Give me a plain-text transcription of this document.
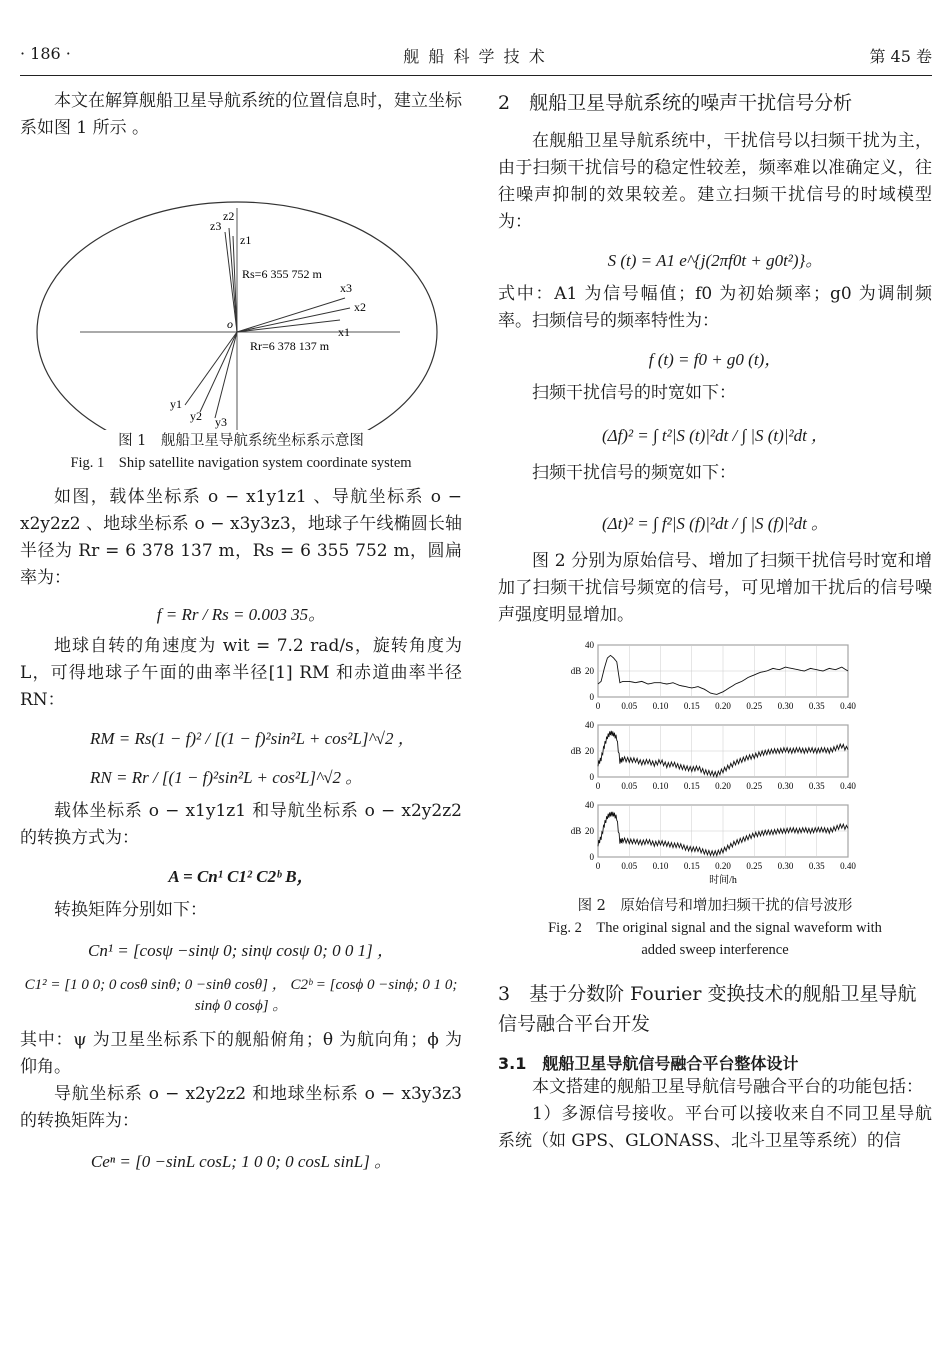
· 186 ·	舰 船 科 学 技 术	第 45 卷

本文在解算舰船卫星导航系统的位置信息时，建立坐标系如图 1 所示 。

z3
z2
z1
Rs=6 355 752 m
o
x3
x2
x1
Rr=6 378 137 m
y1
y2 y3
图 1　舰船卫星导航系统坐标系示意图
Fig. 1　Ship satellite navigation system coordinate system

如图，载体坐标系 o − x1y1z1 、导航坐标系 o − x2y2z2 、地球坐标系 o − x3y3z3，地球子午线椭圆长轴半径为 Rr = 6 378 137 m，Rs = 6 355 752 m，圆扁率为：

f = Rr / Rs = 0.003 35。

地球自转的角速度为 wit = 7.2 rad/s，旋转角度为 L，可得地球子午面的曲率半径[1] RM 和赤道曲率半径 RN：

RM = Rs(1 − f)² / [(1 − f)²sin²L + cos²L]^√2 ，
RN = Rr / [(1 − f)²sin²L + cos²L]^√2 。

载体坐标系 o − x1y1z1 和导航坐标系 o − x2y2z2 的转换方式为：

A = Cn¹ C1² C2ᵇ B，

转换矩阵分别如下：

Cn¹ = [cosψ −sinψ 0; sinψ cosψ 0; 0 0 1] ，
C1² = [1 0 0; 0 cosθ sinθ; 0 −sinθ cosθ] ， C2ᵇ = [cosϕ 0 −sinϕ; 0 1 0; sinϕ 0 cosϕ] 。

其中：ψ 为卫星坐标系下的舰船俯角；θ 为航向角；ϕ 为仰角。

导航坐标系 o − x2y2z2 和地球坐标系 o − x3y3z3 的转换矩阵为：

Ceⁿ = [0 −sinL cosL; 1 0 0; 0 cosL sinL] 。

2　舰船卫星导航系统的噪声干扰信号分析

在舰船卫星导航系统中，干扰信号以扫频干扰为主，由于扫频干扰信号的稳定性较差，频率难以准确定义，往往噪声抑制的效果较差。建立扫频干扰信号的时域模型为：

S (t) = A1 e^{j(2πf0t + g0t²)}。

式中：A1 为信号幅值；f0 为初始频率；g0 为调制频率。扫频信号的频率特性为：

f (t) = f0 + g0 (t)，

扫频干扰信号的时宽如下：

(Δf)² = ∫ t²|S (t)|²dt / ∫ |S (t)|²dt ，

扫频干扰信号的频宽如下：

(Δt)² = ∫ f²|S (f)|²dt / ∫ |S (f)|²dt 。

图 2 分别为原始信号、增加了扫频干扰信号时宽和增加了扫频干扰信号频宽的信号，可见增加干扰后的信号噪声强度明显增加。

0 0.05 0.10 0.15 0.20 0.25 0.30 0.35 0.40
0
20
40
dB
0 0.05 0.10 0.15 0.20 0.25 0.30 0.35 0.40
0
20
40
dB
0 0.05 0.10 0.15 0.20 0.25 0.30 0.35 0.40
0
20
40
dB
时间/h
图 2　原始信号和增加扫频干扰的信号波形
Fig. 2　The original signal and the signal waveform with
added sweep interference

3　基于分数阶 Fourier 变换技术的舰船卫星导航信号融合平台开发

3.1　舰船卫星导航信号融合平台整体设计

本文搭建的舰船卫星导航信号融合平台的功能包括：

1）多源信号接收。平台可以接收来自不同卫星导航系统（如 GPS、GLONASS、北斗卫星等系统）的信
